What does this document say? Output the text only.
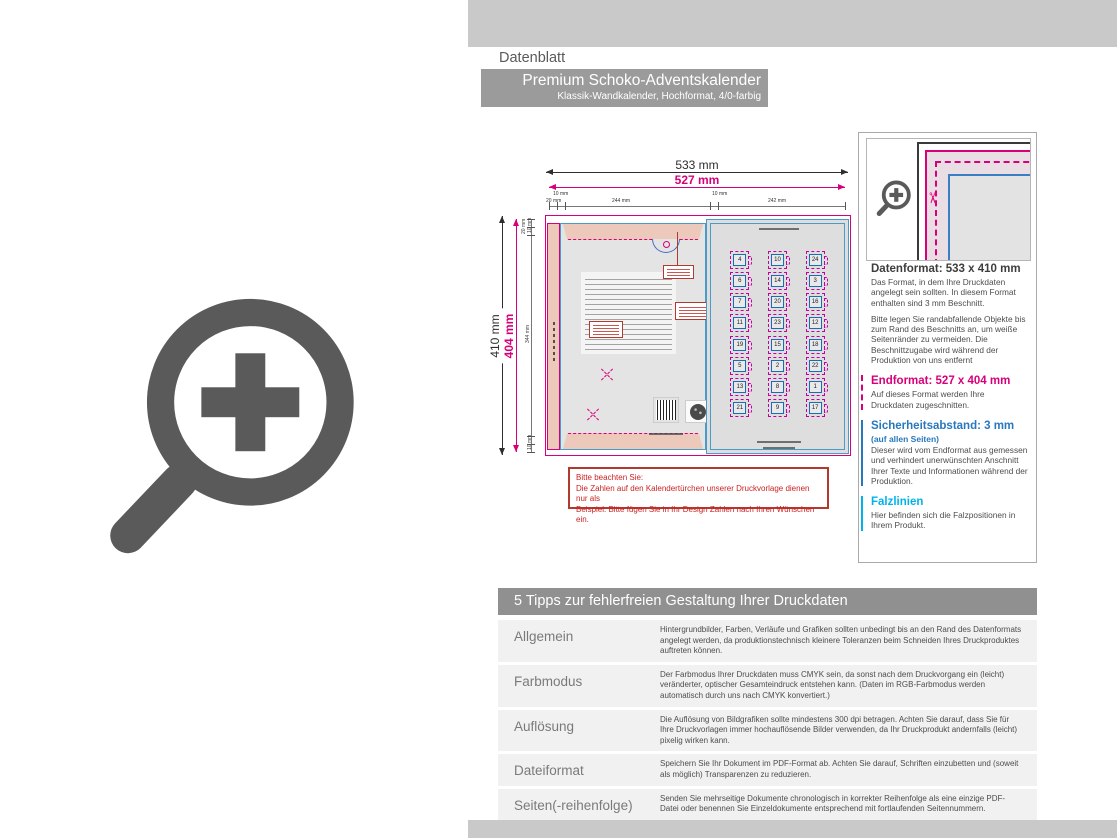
Datenblatt
Premium Schoko-Adventskalender
Klassik-Wandkalender, Hochformat, 4/0-farbig
533 mm
527 mm
10 mm
20 mm	244 mm
10 mm
242 mm
410 mm 404 mm
10 mm
20 mm
344 mm
10 mm
4	10	24
6	14	3
7	20	16
11	23	12
19	15	18
5	2	22
13	8	1
21	9	17
Bitte beachten Sie:
Die Zahlen auf den Kalendertürchen unserer Druckvorlage dienen nur als
Beispiel. Bitte fügen Sie in Ihr Design Zahlen nach Ihren Wünschen ein.
✂
Datenformat: 533 x 410 mm

Das Format, in dem Ihre Druckdaten angelegt sein sollten. In diesem Format enthalten sind 3 mm Beschnitt.

Bitte legen Sie randabfallende Objekte bis zum Rand des Beschnitts an, um weiße Seitenränder zu vermeiden. Die Beschnittzugabe wird während der Produktion von uns entfernt

Endformat: 527 x 404 mm

Auf dieses Format werden Ihre Druckdaten zugeschnitten.

Sicherheitsabstand: 3 mm
(auf allen Seiten)

Dieser wird vom Endformat aus gemessen und verhindert unerwünschten Anschnitt Ihrer Texte und Informationen während der Produktion.

Falzlinien

Hier befinden sich die Falzpositionen in Ihrem Produkt.

5 Tipps zur fehlerfreien Gestaltung Ihrer Druckdaten
Allgemein	Hintergrundbilder, Farben, Verläufe und Grafiken sollten unbedingt bis an den Rand des Datenformats angelegt werden, da produktionstechnisch kleinere Toleranzen beim Schneiden Ihres Druckproduktes auftreten können.
Farbmodus	Der Farbmodus Ihrer Druckdaten muss CMYK sein, da sonst nach dem Druckvorgang ein (leicht) veränderter, optischer Gesamteindruck entstehen kann. (Daten im RGB-Farbmodus werden automatisch durch uns nach CMYK konvertiert.)
Auflösung	Die Auflösung von Bildgrafiken sollte mindestens 300 dpi betragen. Achten Sie darauf, dass Sie für Ihre Druckvorlagen immer hochauflösende Bilder verwenden, da Ihr Druckprodukt andernfalls (leicht) pixelig wirken kann.
Dateiformat	Speichern Sie Ihr Dokument im PDF-Format ab. Achten Sie darauf, Schriften einzubetten und (soweit als möglich) Transparenzen zu reduzieren.
Seiten(-reihenfolge)	Senden Sie mehrseitige Dokumente chronologisch in korrekter Reihenfolge als eine einzige PDF-Datei oder benennen Sie Einzeldokumente entsprechend mit fortlaufenden Seitennummern.
